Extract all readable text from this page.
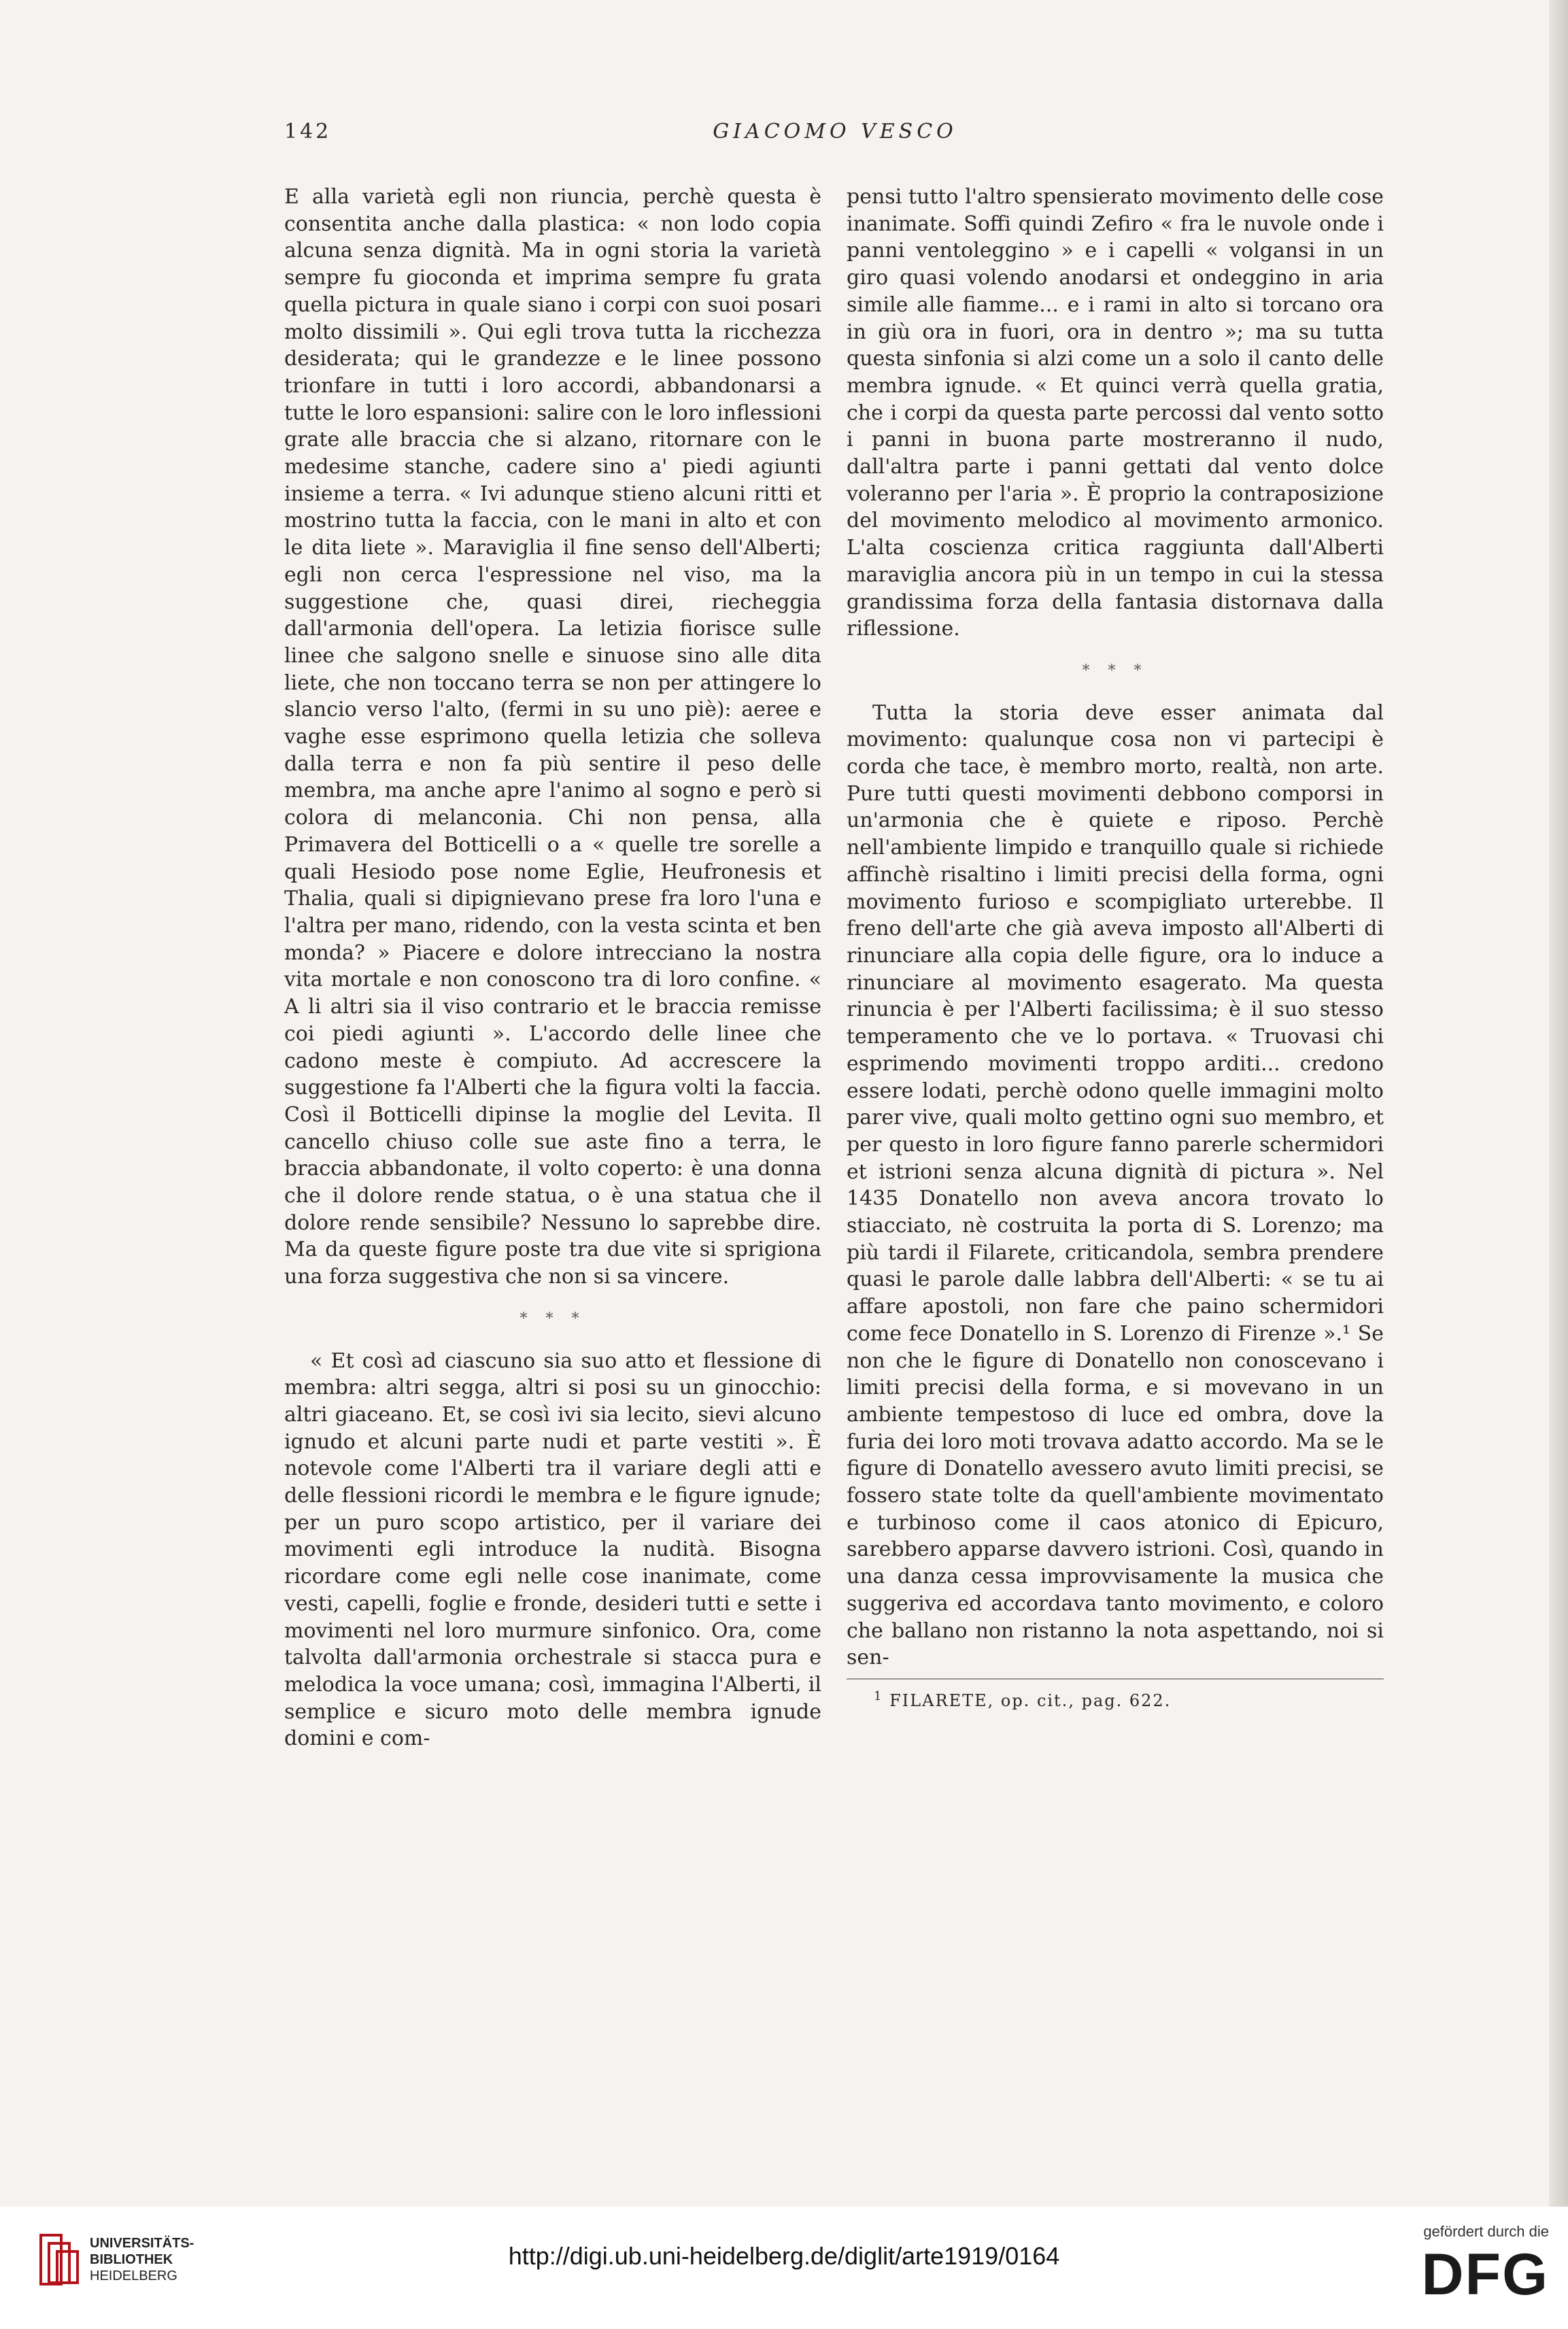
142	GIACOMO VESCO

E alla varietà egli non riuncia, perchè questa è consentita anche dalla plastica: « non lodo copia alcuna senza dignità. Ma in ogni storia la varietà sempre fu gioconda et imprima sempre fu grata quella pictura in quale siano i corpi con suoi posari molto dissimili ». Qui egli trova tutta la ricchezza desiderata; qui le grandezze e le linee possono trionfare in tutti i loro accordi, abbandonarsi a tutte le loro espansioni: salire con le loro inflessioni grate alle braccia che si alzano, ritornare con le medesime stanche, cadere sino a' piedi agiunti insieme a terra. « Ivi adunque stieno alcuni ritti et mostrino tutta la faccia, con le mani in alto et con le dita liete ». Maraviglia il fine senso dell'Alberti; egli non cerca l'espressione nel viso, ma la suggestione che, quasi direi, riecheggia dall'armonia dell'opera. La letizia fiorisce sulle linee che salgono snelle e sinuose sino alle dita liete, che non toccano terra se non per attingere lo slancio verso l'alto, (fermi in su uno piè): aeree e vaghe esse esprimono quella letizia che solleva dalla terra e non fa più sentire il peso delle membra, ma anche apre l'animo al sogno e però si colora di melanconia. Chi non pensa, alla Primavera del Botticelli o a « quelle tre sorelle a quali Hesiodo pose nome Eglie, Heufronesis et Thalia, quali si dipignievano prese fra loro l'una e l'altra per mano, ridendo, con la vesta scinta et ben monda? » Piacere e dolore intrecciano la nostra vita mortale e non conoscono tra di loro confine. « A li altri sia il viso contrario et le braccia remisse coi piedi agiunti ». L'accordo delle linee che cadono meste è compiuto. Ad accrescere la suggestione fa l'Alberti che la figura volti la faccia. Così il Botticelli dipinse la moglie del Levita. Il cancello chiuso colle sue aste fino a terra, le braccia abbandonate, il volto coperto: è una donna che il dolore rende statua, o è una statua che il dolore rende sensibile? Nessuno lo saprebbe dire. Ma da queste figure poste tra due vite si sprigiona una forza suggestiva che non si sa vincere.

* * *

« Et così ad ciascuno sia suo atto et flessione di membra: altri segga, altri si posi su un ginocchio: altri giaceano. Et, se così ivi sia lecito, sievi alcuno ignudo et alcuni parte nudi et parte vestiti ». È notevole come l'Alberti tra il variare degli atti e delle flessioni ricordi le membra e le figure ignude; per un puro scopo artistico, per il variare dei movimenti egli introduce la nudità. Bisogna ricordare come egli nelle cose inanimate, come vesti, capelli, foglie e fronde, desideri tutti e sette i movimenti nel loro murmure sinfonico. Ora, come talvolta dall'armonia orchestrale si stacca pura e melodica la voce umana; così, immagina l'Alberti, il semplice e sicuro moto delle membra ignude domini e com-

pensi tutto l'altro spensierato movimento delle cose inanimate. Soffi quindi Zefiro « fra le nuvole onde i panni ventoleggino » e i capelli « volgansi in un giro quasi volendo anodarsi et ondeggino in aria simile alle fiamme... e i rami in alto si torcano ora in giù ora in fuori, ora in dentro »; ma su tutta questa sinfonia si alzi come un a solo il canto delle membra ignude. « Et quinci verrà quella gratia, che i corpi da questa parte percossi dal vento sotto i panni in buona parte mostreranno il nudo, dall'altra parte i panni gettati dal vento dolce voleranno per l'aria ». È proprio la contraposizione del movimento melodico al movimento armonico. L'alta coscienza critica raggiunta dall'Alberti maraviglia ancora più in un tempo in cui la stessa grandissima forza della fantasia distornava dalla riflessione.

* * *

Tutta la storia deve esser animata dal movimento: qualunque cosa non vi partecipi è corda che tace, è membro morto, realtà, non arte. Pure tutti questi movimenti debbono comporsi in un'armonia che è quiete e riposo. Perchè nell'ambiente limpido e tranquillo quale si richiede affinchè risaltino i limiti precisi della forma, ogni movimento furioso e scompigliato urterebbe. Il freno dell'arte che già aveva imposto all'Alberti di rinunciare alla copia delle figure, ora lo induce a rinunciare al movimento esagerato. Ma questa rinuncia è per l'Alberti facilissima; è il suo stesso temperamento che ve lo portava. « Truovasi chi esprimendo movimenti troppo arditi... credono essere lodati, perchè odono quelle immagini molto parer vive, quali molto gettino ogni suo membro, et per questo in loro figure fanno parerle schermidori et istrioni senza alcuna dignità di pictura ». Nel 1435 Donatello non aveva ancora trovato lo stiacciato, nè costruita la porta di S. Lorenzo; ma più tardi il Filarete, criticandola, sembra prendere quasi le parole dalle labbra dell'Alberti: « se tu ai affare apostoli, non fare che paino schermidori come fece Donatello in S. Lorenzo di Firenze ».¹ Se non che le figure di Donatello non conoscevano i limiti precisi della forma, e si movevano in un ambiente tempestoso di luce ed ombra, dove la furia dei loro moti trovava adatto accordo. Ma se le figure di Donatello avessero avuto limiti precisi, se fossero state tolte da quell'ambiente movimentato e turbinoso come il caos atonico di Epicuro, sarebbero apparse davvero istrioni. Così, quando in una danza cessa improvvisamente la musica che suggeriva ed accordava tanto movimento, e coloro che ballano non ristanno la nota aspettando, noi si sen-

$^1$ FILARETE, op. cit., pag. 622.
UNIVERSITÄTS-
BIBLIOTHEK
HEIDELBERG
http://digi.ub.uni-heidelberg.de/diglit/arte1919/0164
gefördert durch die
DFG
